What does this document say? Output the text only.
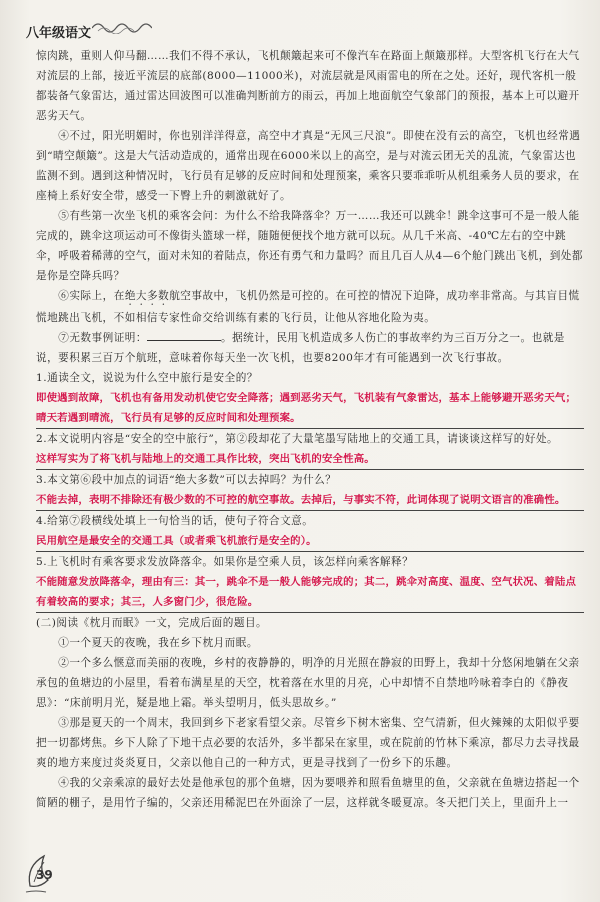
八年级语文

惊肉跳，重则人仰马翻……我们不得不承认，飞机颠簸起来可不像汽车在路面上颠簸那样。大型客机飞行在大气对流层的上部，接近平流层的底部(8000—11000米)，对流层就是风雨雷电的所在之处。还好，现代客机一般都装备气象雷达，通过雷达回波图可以准确判断前方的雨云，再加上地面航空气象部门的预报，基本上可以避开恶劣天气。

④不过，阳光明媚时，你也别洋洋得意，高空中才真是“无风三尺浪”。即使在没有云的高空，飞机也经常遇到“晴空颠簸”。这是大气活动造成的，通常出现在6000米以上的高空，是与对流云团无关的乱流，气象雷达也监测不到。遇到这种情况时，飞行员有足够的反应时间和处理预案，乘客只要乖乖听从机组乘务人员的要求，在座椅上系好安全带，感受一下臀上升的刺激就好了。

⑤有些第一次坐飞机的乘客会问：为什么不给我降落伞？万一……我还可以跳伞！跳伞这事可不是一般人能完成的，跳伞这项运动可不像街头篮球一样，随随便便找个地方就可以玩。从几千米高、-40℃左右的空中跳伞，呼吸着稀薄的空气，面对未知的着陆点，你还有勇气和力量吗？而且几百人从4—6个舱门跳出飞机，到处都是你是空降兵吗？

⑥实际上，在绝大多数航空事故中，飞机仍然是可控的。在可控的情况下迫降，成功率非常高。与其盲目慌慌地跳出飞机，不如相信专家性命交给训练有素的飞行员，让他从容地化险为夷。

⑦无数事例证明：	。据统计，民用飞机造成多人伤亡的事故率约为三百万分之一。也就是说，要积累三百万个航班，意味着你每天坐一次飞机，也要8200年才有可能遇到一次飞行事故。

1.通读全文，说说为什么空中旅行是安全的？

即使遇到故障，飞机也有备用发动机使它安全降落；遇到恶劣天气，飞机装有气象雷达，基本上能够避开恶劣天气；晴天若遇到晴流，飞行员有足够的反应时间和处理预案。

2.本文说明内容是“安全的空中旅行”，第②段却花了大量笔墨写陆地上的交通工具，请谈谈这样写的好处。

这样写实为了将飞机与陆地上的交通工具作比较，突出飞机的安全性高。

3.本文第⑥段中加点的词语“绝大多数”可以去掉吗？为什么？

不能去掉，表明不排除还有极少数的不可控的航空事故。去掉后，与事实不符，此词体现了说明文语言的准确性。

4.给第⑦段横线处填上一句恰当的话，使句子符合文意。

民用航空是最安全的交通工具（或者乘飞机旅行是安全的）。

5.上飞机时有乘客要求发放降落伞。如果你是空乘人员，该怎样向乘客解释？

不能随意发放降落伞，理由有三：其一，跳伞不是一般人能够完成的；其二，跳伞对高度、温度、空气状况、着陆点有着较高的要求；其三，人多窗门少，很危险。

(二)阅读《枕月而眠》一文，完成后面的题目。

①一个夏天的夜晚，我在乡下枕月而眠。

②一个多么惬意而美丽的夜晚，乡村的夜静静的，明净的月光照在静寂的田野上，我却十分悠闲地躺在父亲承包的鱼塘边的小屋里，看着布满星星的天空，枕着落在水里的月亮，心中却情不自禁地吟咏着李白的《静夜思》：“床前明月光，疑是地上霜。举头望明月，低头思故乡。”

③那是夏天的一个周末，我回到乡下老家看望父亲。尽管乡下树木密集、空气清新，但火辣辣的太阳似乎要把一切都烤焦。乡下人除了下地干点必要的农活外，多半都呆在家里，或在院前的竹林下乘凉，都尽力去寻找最爽的地方来度过炎炎夏日，父亲以他自己的一种方式，更是寻找到了一份乡下的乐趣。

④我的父亲乘凉的最好去处是他承包的那个鱼塘，因为要喂养和照看鱼塘里的鱼，父亲就在鱼塘边搭起一个简陋的棚子，是用竹子编的，父亲还用稀泥巴在外面涂了一层，这样就冬暖夏凉。冬天把门关上，里面升上一

39
